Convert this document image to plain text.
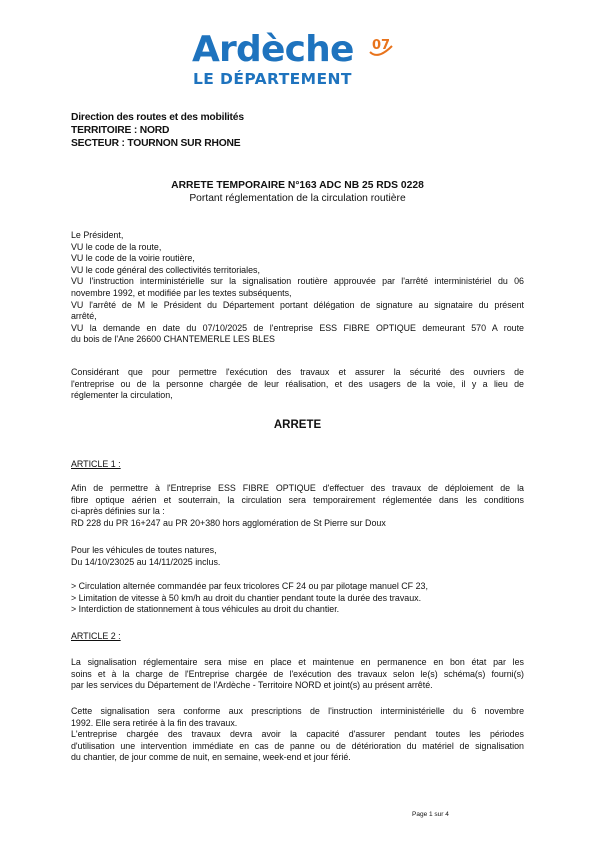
Ardèche	07
LE DÉPARTEMENT
Direction des routes et des mobilités
TERRITOIRE : NORD
SECTEUR : TOURNON SUR RHONE
ARRETE TEMPORAIRE N°163 ADC NB 25 RDS 0228
Portant réglementation de la circulation routière
Le Président,
VU le code de la route,
VU le code de la voirie routière,
VU le code général des collectivités territoriales,
VU l'instruction interministérielle sur la signalisation routière approuvée par l'arrêté interministériel du 06
novembre 1992, et modifiée par les textes subséquents,
VU l'arrêté de M le Président du Département portant délégation de signature au signataire du présent
arrêté,
VU la demande en date du 07/10/2025 de l'entreprise ESS FIBRE OPTIQUE demeurant 570 A route
du bois de l'Ane 26600 CHANTEMERLE LES BLES
Considérant que pour permettre l'exécution des travaux et assurer la sécurité des ouvriers de
l'entreprise ou de la personne chargée de leur réalisation, et des usagers de la voie, il y a lieu de
réglementer la circulation,
ARRETE
ARTICLE 1 :
Afin de permettre à l'Entreprise ESS FIBRE OPTIQUE d'effectuer des travaux de déploiement de la
fibre optique aérien et souterrain, la circulation sera temporairement réglementée dans les conditions
ci-après définies sur la :
RD 228 du PR 16+247 au PR 20+380 hors agglomération de St Pierre sur Doux
Pour les véhicules de toutes natures,
Du 14/10/23025 au 14/11/2025 inclus.
> Circulation alternée commandée par feux tricolores CF 24 ou par pilotage manuel CF 23,
> Limitation de vitesse à 50 km/h au droit du chantier pendant toute la durée des travaux.
> Interdiction de stationnement à tous véhicules au droit du chantier.
ARTICLE 2 :
La signalisation réglementaire sera mise en place et maintenue en permanence en bon état par les
soins et à la charge de l'Entreprise chargée de l'exécution des travaux selon le(s) schéma(s) fourni(s)
par les services du Département de l'Ardèche - Territoire NORD et joint(s) au présent arrêté.
Cette signalisation sera conforme aux prescriptions de l'instruction interministérielle du 6 novembre
1992. Elle sera retirée à la fin des travaux.
L'entreprise chargée des travaux devra avoir la capacité d'assurer pendant toutes les périodes
d'utilisation une intervention immédiate en cas de panne ou de détérioration du matériel de signalisation
du chantier, de jour comme de nuit, en semaine, week-end et jour férié.
Page 1 sur 4
